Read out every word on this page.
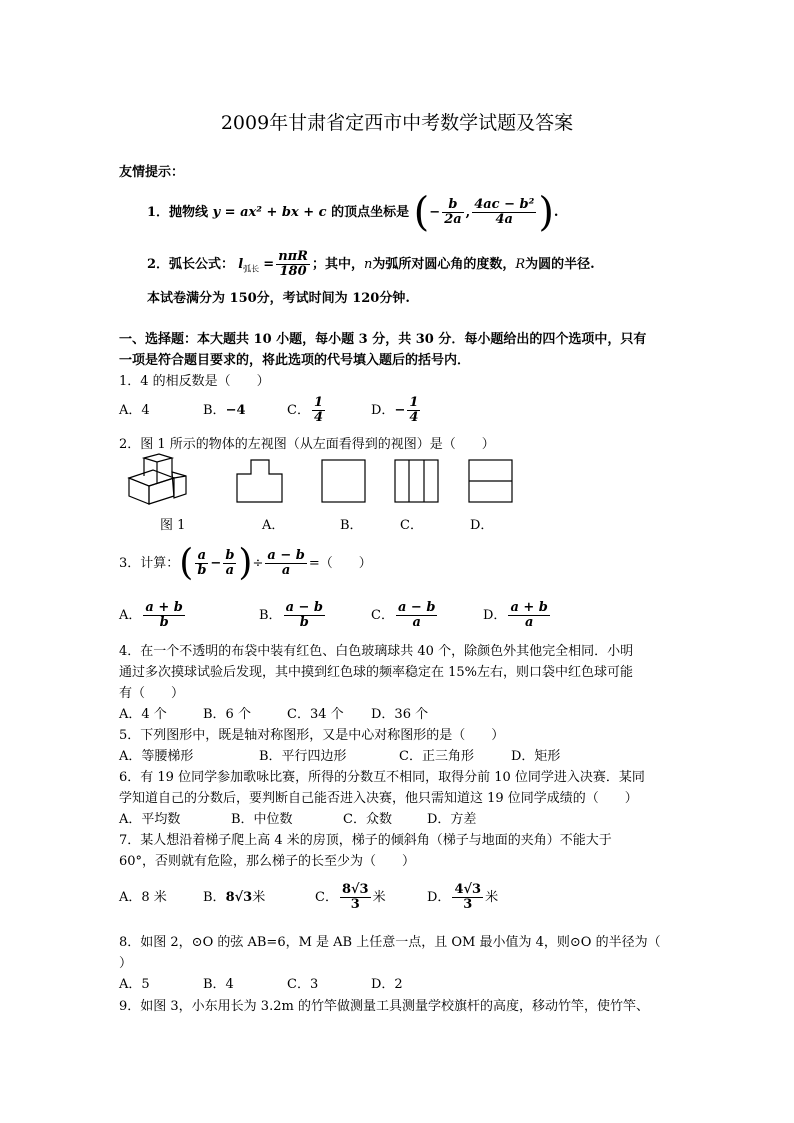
2009年甘肃省定西市中考数学试题及答案
友情提示：
1．抛物线 y = ax² + bx + c 的顶点坐标是 (− $\frac{b}{2a}$ , $\frac{\text{4ac − b²}}{4a}$ ).
2．弧长公式： $l_{弧长} = \frac{\text{nπR}}{180}$ ；其中，n为弧所对圆心角的度数，R为圆的半径.
本试卷满分为 150分，考试时间为 120分钟.
一、选择题：本大题共 10 小题，每小题 3 分，共 30 分．每小题给出的四个选项中，只有
一项是符合题目要求的，将此选项的代号填入题后的括号内．
1．4 的相反数是（　　）
A．4	B．−4	C． $\frac{1}{4}$	D．− $\frac{1}{4}$
2．图 1 所示的物体的左视图（从左面看得到的视图）是（　　）
图 1	A．	B．	C．	D．
3．计算：( $\frac{a}{b} - \frac{b}{a}$ )÷ $\frac{a - b}{a}$ =（　　）
A． $\frac{a + b}{b}$	B． $\frac{a - b}{b}$	C． $\frac{a - b}{a}$	D． $\frac{a + b}{a}$
4．在一个不透明的布袋中装有红色、白色玻璃球共 40 个，除颜色外其他完全相同．小明
通过多次摸球试验后发现，其中摸到红色球的频率稳定在 15%左右，则口袋中红色球可能
有（　　）
A．4 个	B．6 个	C．34 个 D．36 个
5．下列图形中，既是轴对称图形，又是中心对称图形的是（　　）
A．等腰梯形	B．平行四边形	C．正三角形	D．矩形
6．有 19 位同学参加歌咏比赛，所得的分数互不相同，取得分前 10 位同学进入决赛．某同
学知道自己的分数后，要判断自己能否进入决赛，他只需知道这 19 位同学成绩的（　　）
A．平均数	B．中位数	C．众数	D．方差
7．某人想沿着梯子爬上高 4 米的房顶，梯子的倾斜角（梯子与地面的夹角）不能大于
60°，否则就有危险，那么梯子的长至少为（　　）
A．8 米	B．8√3米	C． $\frac{8√3}{3}$ 米	D． $\frac{4√3}{3}$ 米
8．如图 2，⊙O 的弦 AB=6，M 是 AB 上任意一点，且 OM 最小值为 4，则⊙O 的半径为（
）
A．5	B．4	C．3	D．2
9．如图 3，小东用长为 3.2m 的竹竿做测量工具测量学校旗杆的高度，移动竹竿，使竹竿、
